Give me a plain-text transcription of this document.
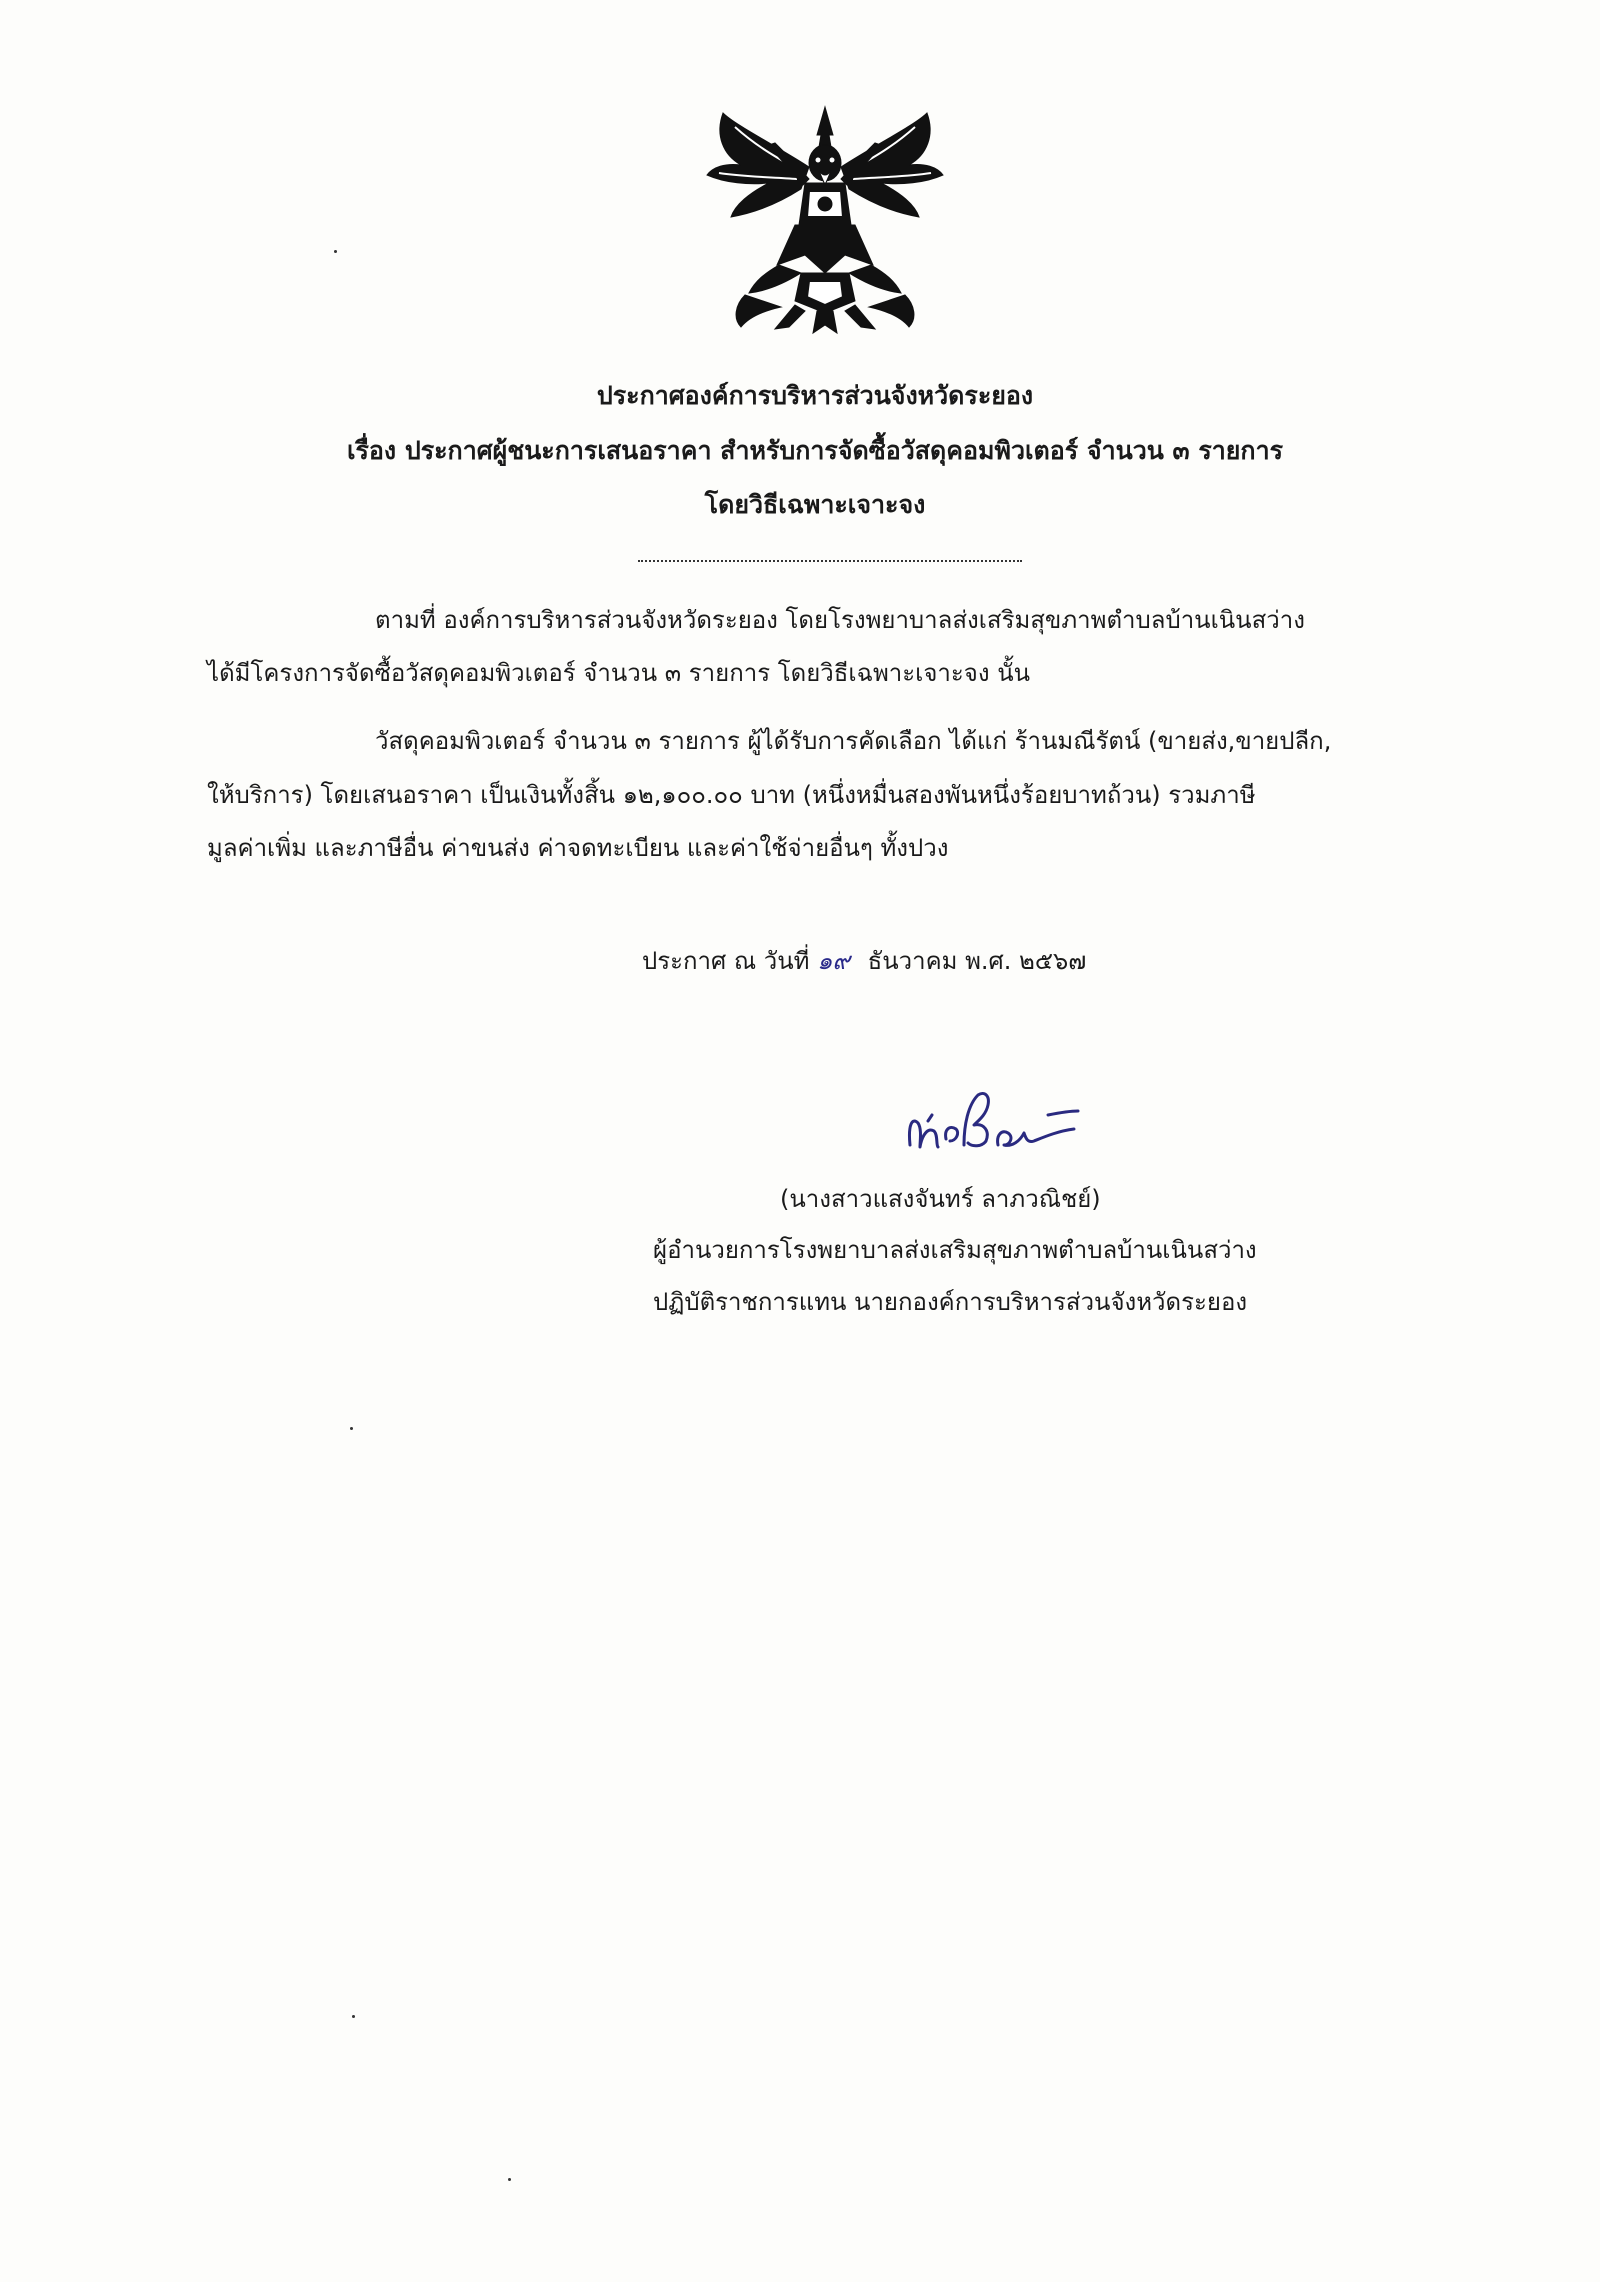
ประกาศองค์การบริหารส่วนจังหวัดระยอง
เรื่อง ประกาศผู้ชนะการเสนอราคา สำหรับการจัดซื้อวัสดุคอมพิวเตอร์ จำนวน ๓ รายการ
โดยวิธีเฉพาะเจาะจง
ตามที่ องค์การบริหารส่วนจังหวัดระยอง โดยโรงพยาบาลส่งเสริมสุขภาพตำบลบ้านเนินสว่าง
ได้มีโครงการจัดซื้อวัสดุคอมพิวเตอร์ จำนวน ๓ รายการ โดยวิธีเฉพาะเจาะจง นั้น
วัสดุคอมพิวเตอร์ จำนวน ๓ รายการ ผู้ได้รับการคัดเลือก ได้แก่ ร้านมณีรัตน์ (ขายส่ง,ขายปลีก,
ให้บริการ) โดยเสนอราคา เป็นเงินทั้งสิ้น ๑๒,๑๐๐.๐๐ บาท (หนึ่งหมื่นสองพันหนึ่งร้อยบาทถ้วน) รวมภาษี
มูลค่าเพิ่ม และภาษีอื่น ค่าขนส่ง ค่าจดทะเบียน และค่าใช้จ่ายอื่นๆ ทั้งปวง
ประกาศ ณ วันที่ ๑๙ ธันวาคม พ.ศ. ๒๕๖๗
(นางสาวแสงจันทร์ ลาภวณิชย์)
ผู้อำนวยการโรงพยาบาลส่งเสริมสุขภาพตำบลบ้านเนินสว่าง
ปฏิบัติราชการแทน นายกองค์การบริหารส่วนจังหวัดระยอง
